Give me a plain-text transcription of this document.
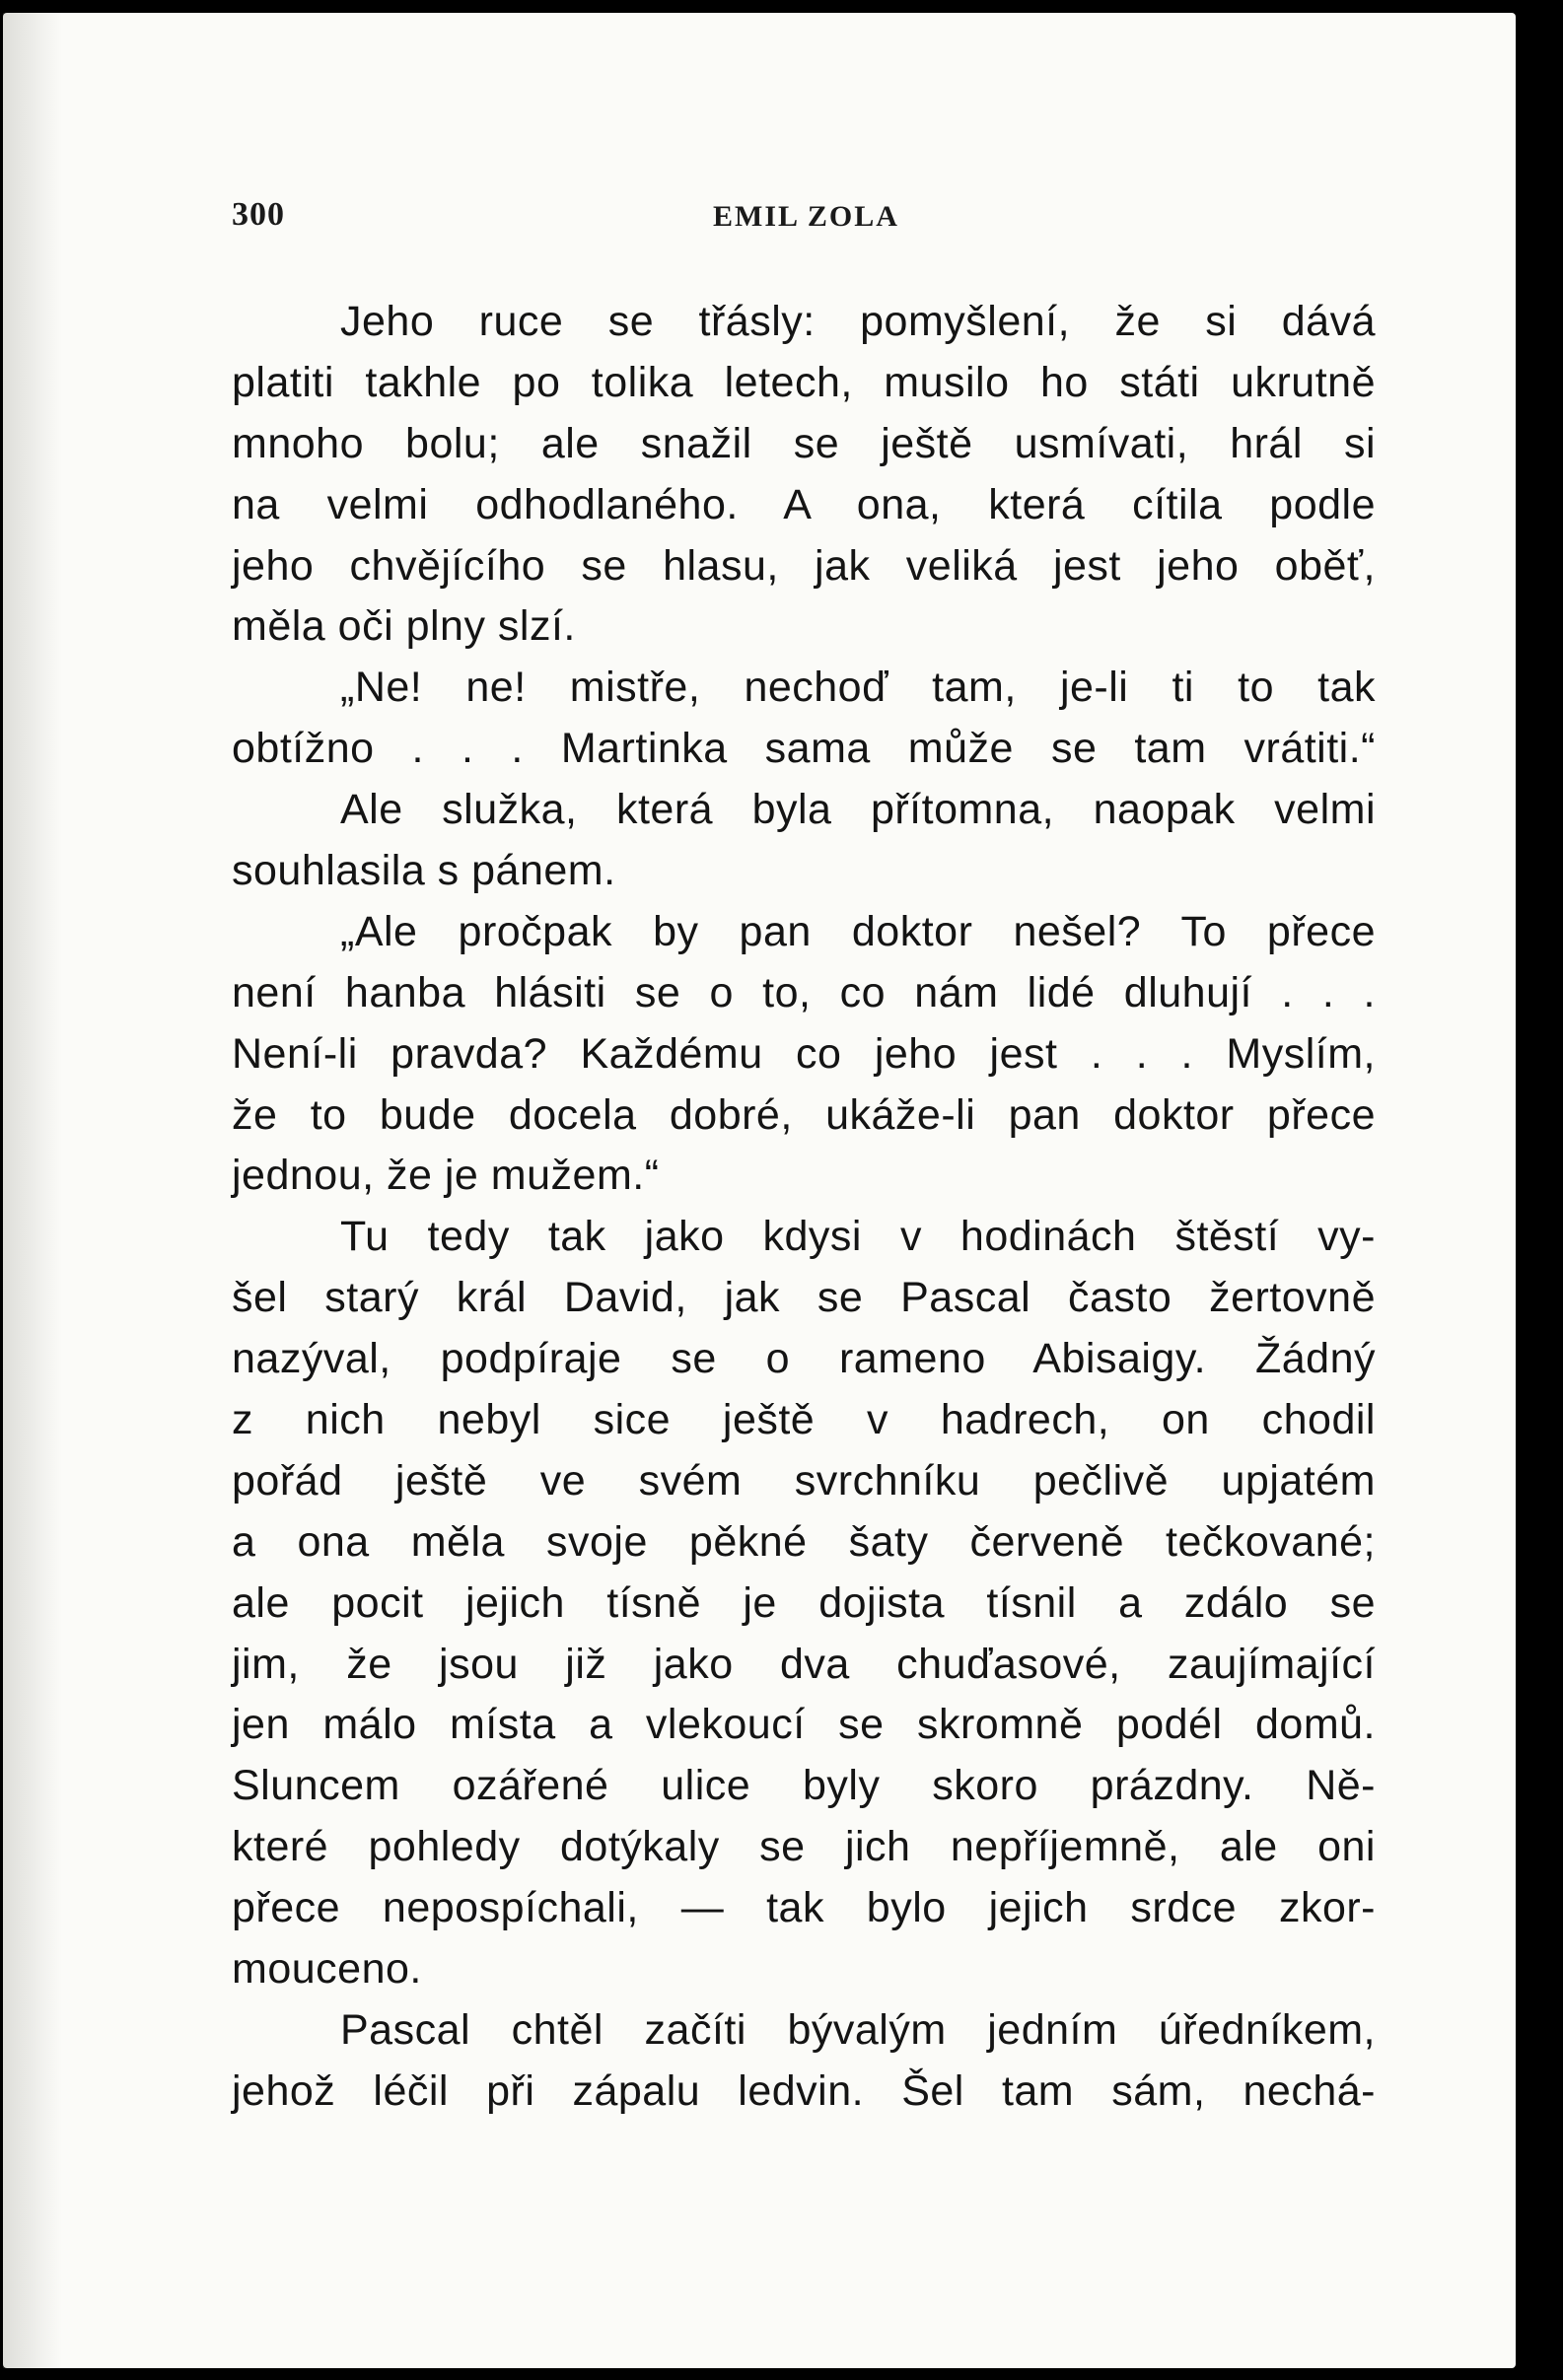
300	EMIL ZOLA
Jeho ruce se třásly: pomyšlení, že si dává
platiti takhle po tolika letech, musilo ho státi ukrutně
mnoho bolu; ale snažil se ještě usmívati, hrál si
na velmi odhodlaného. A ona, která cítila podle
jeho chvějícího se hlasu, jak veliká jest jeho oběť,
měla oči plny slzí.
„Ne! ne! mistře, nechoď tam, je-li ti to tak
obtížno . . . Martinka sama může se tam vrátiti.“
Ale služka, která byla přítomna, naopak velmi
souhlasila s pánem.
„Ale pročpak by pan doktor nešel? To přece
není hanba hlásiti se o to, co nám lidé dluhují . . .
Není-li pravda? Každému co jeho jest . . . Myslím,
že to bude docela dobré, ukáže-li pan doktor přece
jednou, že je mužem.“
Tu tedy tak jako kdysi v hodinách štěstí vy-
šel starý král David, jak se Pascal často žertovně
nazýval, podpíraje se o rameno Abisaigy. Žádný
z nich nebyl sice ještě v hadrech, on chodil
pořád ještě ve svém svrchníku pečlivě upjatém
a ona měla svoje pěkné šaty červeně tečkované;
ale pocit jejich tísně je dojista tísnil a zdálo se
jim, že jsou již jako dva chuďasové, zaujímající
jen málo místa a vlekoucí se skromně podél domů.
Sluncem ozářené ulice byly skoro prázdny. Ně-
které pohledy dotýkaly se jich nepříjemně, ale oni
přece nepospíchali, — tak bylo jejich srdce zkor-
mouceno.
Pascal chtěl začíti bývalým jedním úředníkem,
jehož léčil při zápalu ledvin. Šel tam sám, nechá-
